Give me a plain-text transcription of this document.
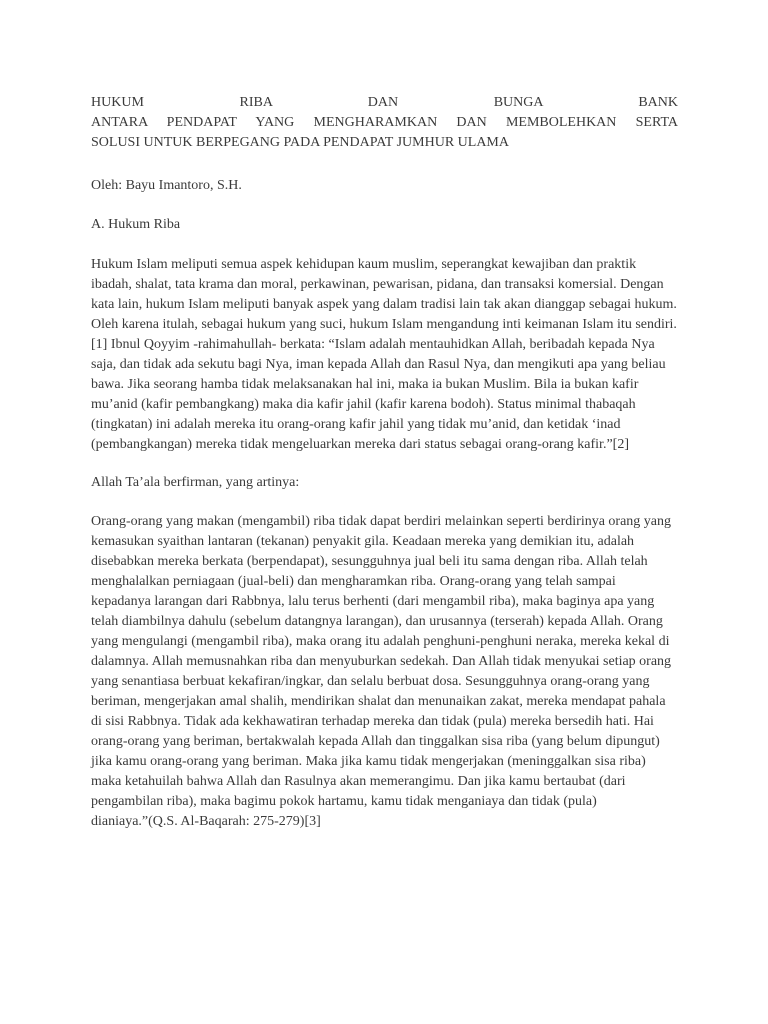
HUKUM RIBA DAN BUNGA BANK
ANTARA PENDAPAT YANG MENGHARAMKAN DAN MEMBOLEHKAN SERTA
SOLUSI UNTUK BERPEGANG PADA PENDAPAT JUMHUR ULAMA

Oleh: Bayu Imantoro, S.H.

A. Hukum Riba

Hukum Islam meliputi semua aspek kehidupan kaum muslim, seperangkat kewajiban dan praktik ibadah, shalat, tata krama dan moral, perkawinan, pewarisan, pidana, dan transaksi komersial. Dengan kata lain, hukum Islam meliputi banyak aspek yang dalam tradisi lain tak akan dianggap sebagai hukum. Oleh karena itulah, sebagai hukum yang suci, hukum Islam mengandung inti keimanan Islam itu sendiri.[1] Ibnul Qoyyim -rahimahullah- berkata: “Islam adalah mentauhidkan Allah, beribadah kepada Nya saja, dan tidak ada sekutu bagi Nya, iman kepada Allah dan Rasul Nya, dan mengikuti apa yang beliau bawa. Jika seorang hamba tidak melaksanakan hal ini, maka ia bukan Muslim. Bila ia bukan kafir mu’anid (kafir pembangkang) maka dia kafir jahil (kafir karena bodoh). Status minimal thabaqah (tingkatan) ini adalah mereka itu orang-orang kafir jahil yang tidak mu’anid, dan ketidak ‘inad (pembangkangan) mereka tidak mengeluarkan mereka dari status sebagai orang-orang kafir.”[2]

Allah Ta’ala berfirman, yang artinya:

Orang-orang yang makan (mengambil) riba tidak dapat berdiri melainkan seperti berdirinya orang yang kemasukan syaithan lantaran (tekanan) penyakit gila. Keadaan mereka yang demikian itu, adalah disebabkan mereka berkata (berpendapat), sesungguhnya jual beli itu sama dengan riba. Allah telah menghalalkan perniagaan (jual-beli) dan mengharamkan riba. Orang-orang yang telah sampai kepadanya larangan dari Rabbnya, lalu terus berhenti (dari mengambil riba), maka baginya apa yang telah diambilnya dahulu (sebelum datangnya larangan), dan urusannya (terserah) kepada Allah. Orang yang mengulangi (mengambil riba), maka orang itu adalah penghuni-penghuni neraka, mereka kekal di dalamnya. Allah memusnahkan riba dan menyuburkan sedekah. Dan Allah tidak menyukai setiap orang yang senantiasa berbuat kekafiran/ingkar, dan selalu berbuat dosa. Sesungguhnya orang-orang yang beriman, mengerjakan amal shalih, mendirikan shalat dan menunaikan zakat, mereka mendapat pahala di sisi Rabbnya. Tidak ada kekhawatiran terhadap mereka dan tidak (pula) mereka bersedih hati. Hai orang-orang yang beriman, bertakwalah kepada Allah dan tinggalkan sisa riba (yang belum dipungut) jika kamu orang-orang yang beriman. Maka jika kamu tidak mengerjakan (meninggalkan sisa riba) maka ketahuilah bahwa Allah dan Rasulnya akan memerangimu. Dan jika kamu bertaubat (dari pengambilan riba), maka bagimu pokok hartamu, kamu tidak menganiaya dan tidak (pula) dianiaya.”(Q.S. Al-Baqarah: 275-279)[3]
